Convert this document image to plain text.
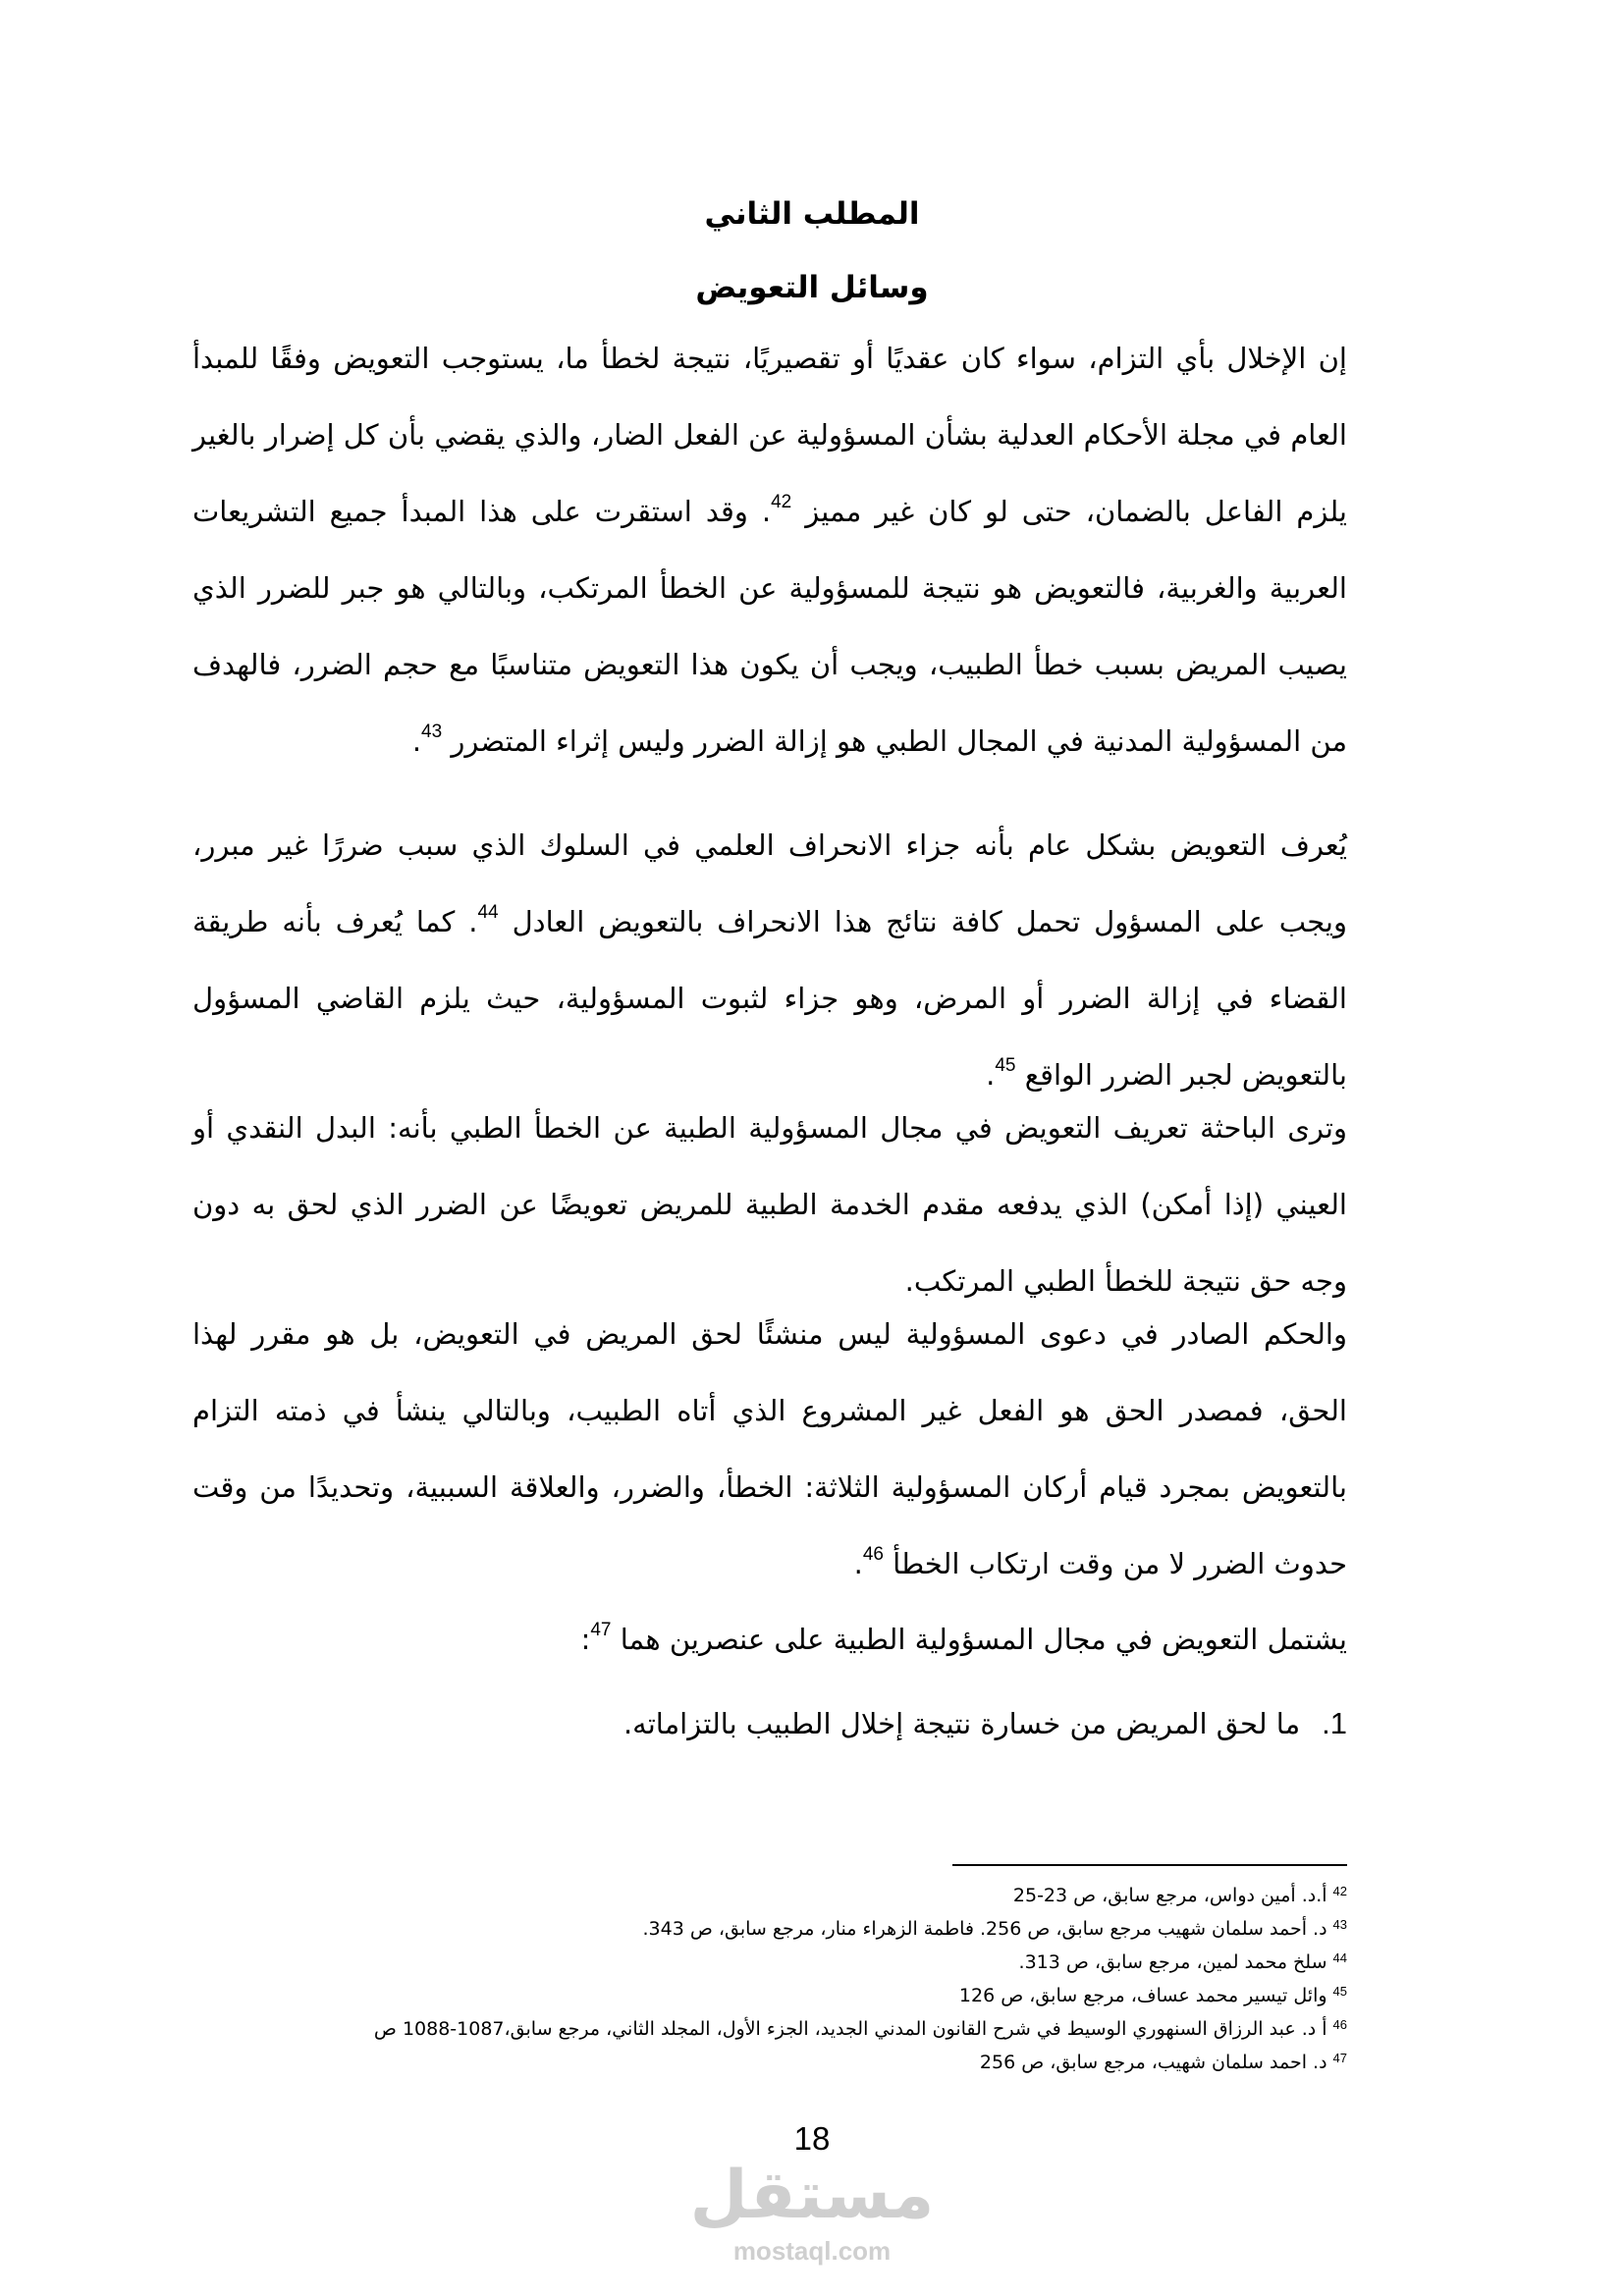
المطلب الثاني
وسائل التعويض
إن الإخلال بأي التزام، سواء كان عقديًا أو تقصيريًا، نتيجة لخطأ ما، يستوجب التعويض وفقًا للمبدأ العام في مجلة الأحكام العدلية بشأن المسؤولية عن الفعل الضار، والذي يقضي بأن كل إضرار بالغير يلزم الفاعل بالضمان، حتى لو كان غير مميز $^{42}$. وقد استقرت على هذا المبدأ جميع التشريعات العربية والغربية، فالتعويض هو نتيجة للمسؤولية عن الخطأ المرتكب، وبالتالي هو جبر للضرر الذي يصيب المريض بسبب خطأ الطبيب، ويجب أن يكون هذا التعويض متناسبًا مع حجم الضرر، فالهدف من المسؤولية المدنية في المجال الطبي هو إزالة الضرر وليس إثراء المتضرر $^{43}$.
يُعرف التعويض بشكل عام بأنه جزاء الانحراف العلمي في السلوك الذي سبب ضررًا غير مبرر، ويجب على المسؤول تحمل كافة نتائج هذا الانحراف بالتعويض العادل $^{44}$. كما يُعرف بأنه طريقة القضاء في إزالة الضرر أو المرض، وهو جزاء لثبوت المسؤولية، حيث يلزم القاضي المسؤول بالتعويض لجبر الضرر الواقع $^{45}$.
وترى الباحثة تعريف التعويض في مجال المسؤولية الطبية عن الخطأ الطبي بأنه: البدل النقدي أو العيني (إذا أمكن) الذي يدفعه مقدم الخدمة الطبية للمريض تعويضًا عن الضرر الذي لحق به دون وجه حق نتيجة للخطأ الطبي المرتكب.
والحكم الصادر في دعوى المسؤولية ليس منشئًا لحق المريض في التعويض، بل هو مقرر لهذا الحق، فمصدر الحق هو الفعل غير المشروع الذي أتاه الطبيب، وبالتالي ينشأ في ذمته التزام بالتعويض بمجرد قيام أركان المسؤولية الثلاثة: الخطأ، والضرر، والعلاقة السببية، وتحديدًا من وقت حدوث الضرر لا من وقت ارتكاب الخطأ $^{46}$.
يشتمل التعويض في مجال المسؤولية الطبية على عنصرين هما $^{47}$:
1.ما لحق المريض من خسارة نتيجة إخلال الطبيب بالتزاماته.
$^{42}$أ.د. أمين دواس، مرجع سابق، ص 23-25
$^{43}$د. أحمد سلمان شهيب مرجع سابق، ص 256. فاطمة الزهراء منار، مرجع سابق، ص 343.
$^{44}$سلخ محمد لمين، مرجع سابق، ص 313.
$^{45}$وائل تيسير محمد عساف، مرجع سابق، ص 126
$^{46}$أ د. عبد الرزاق السنهوري الوسيط في شرح القانون المدني الجديد، الجزء الأول، المجلد الثاني، مرجع سابق،1087-1088 ص
$^{47}$د. احمد سلمان شهيب، مرجع سابق، ص 256
18
مستقل
mostaql.com
